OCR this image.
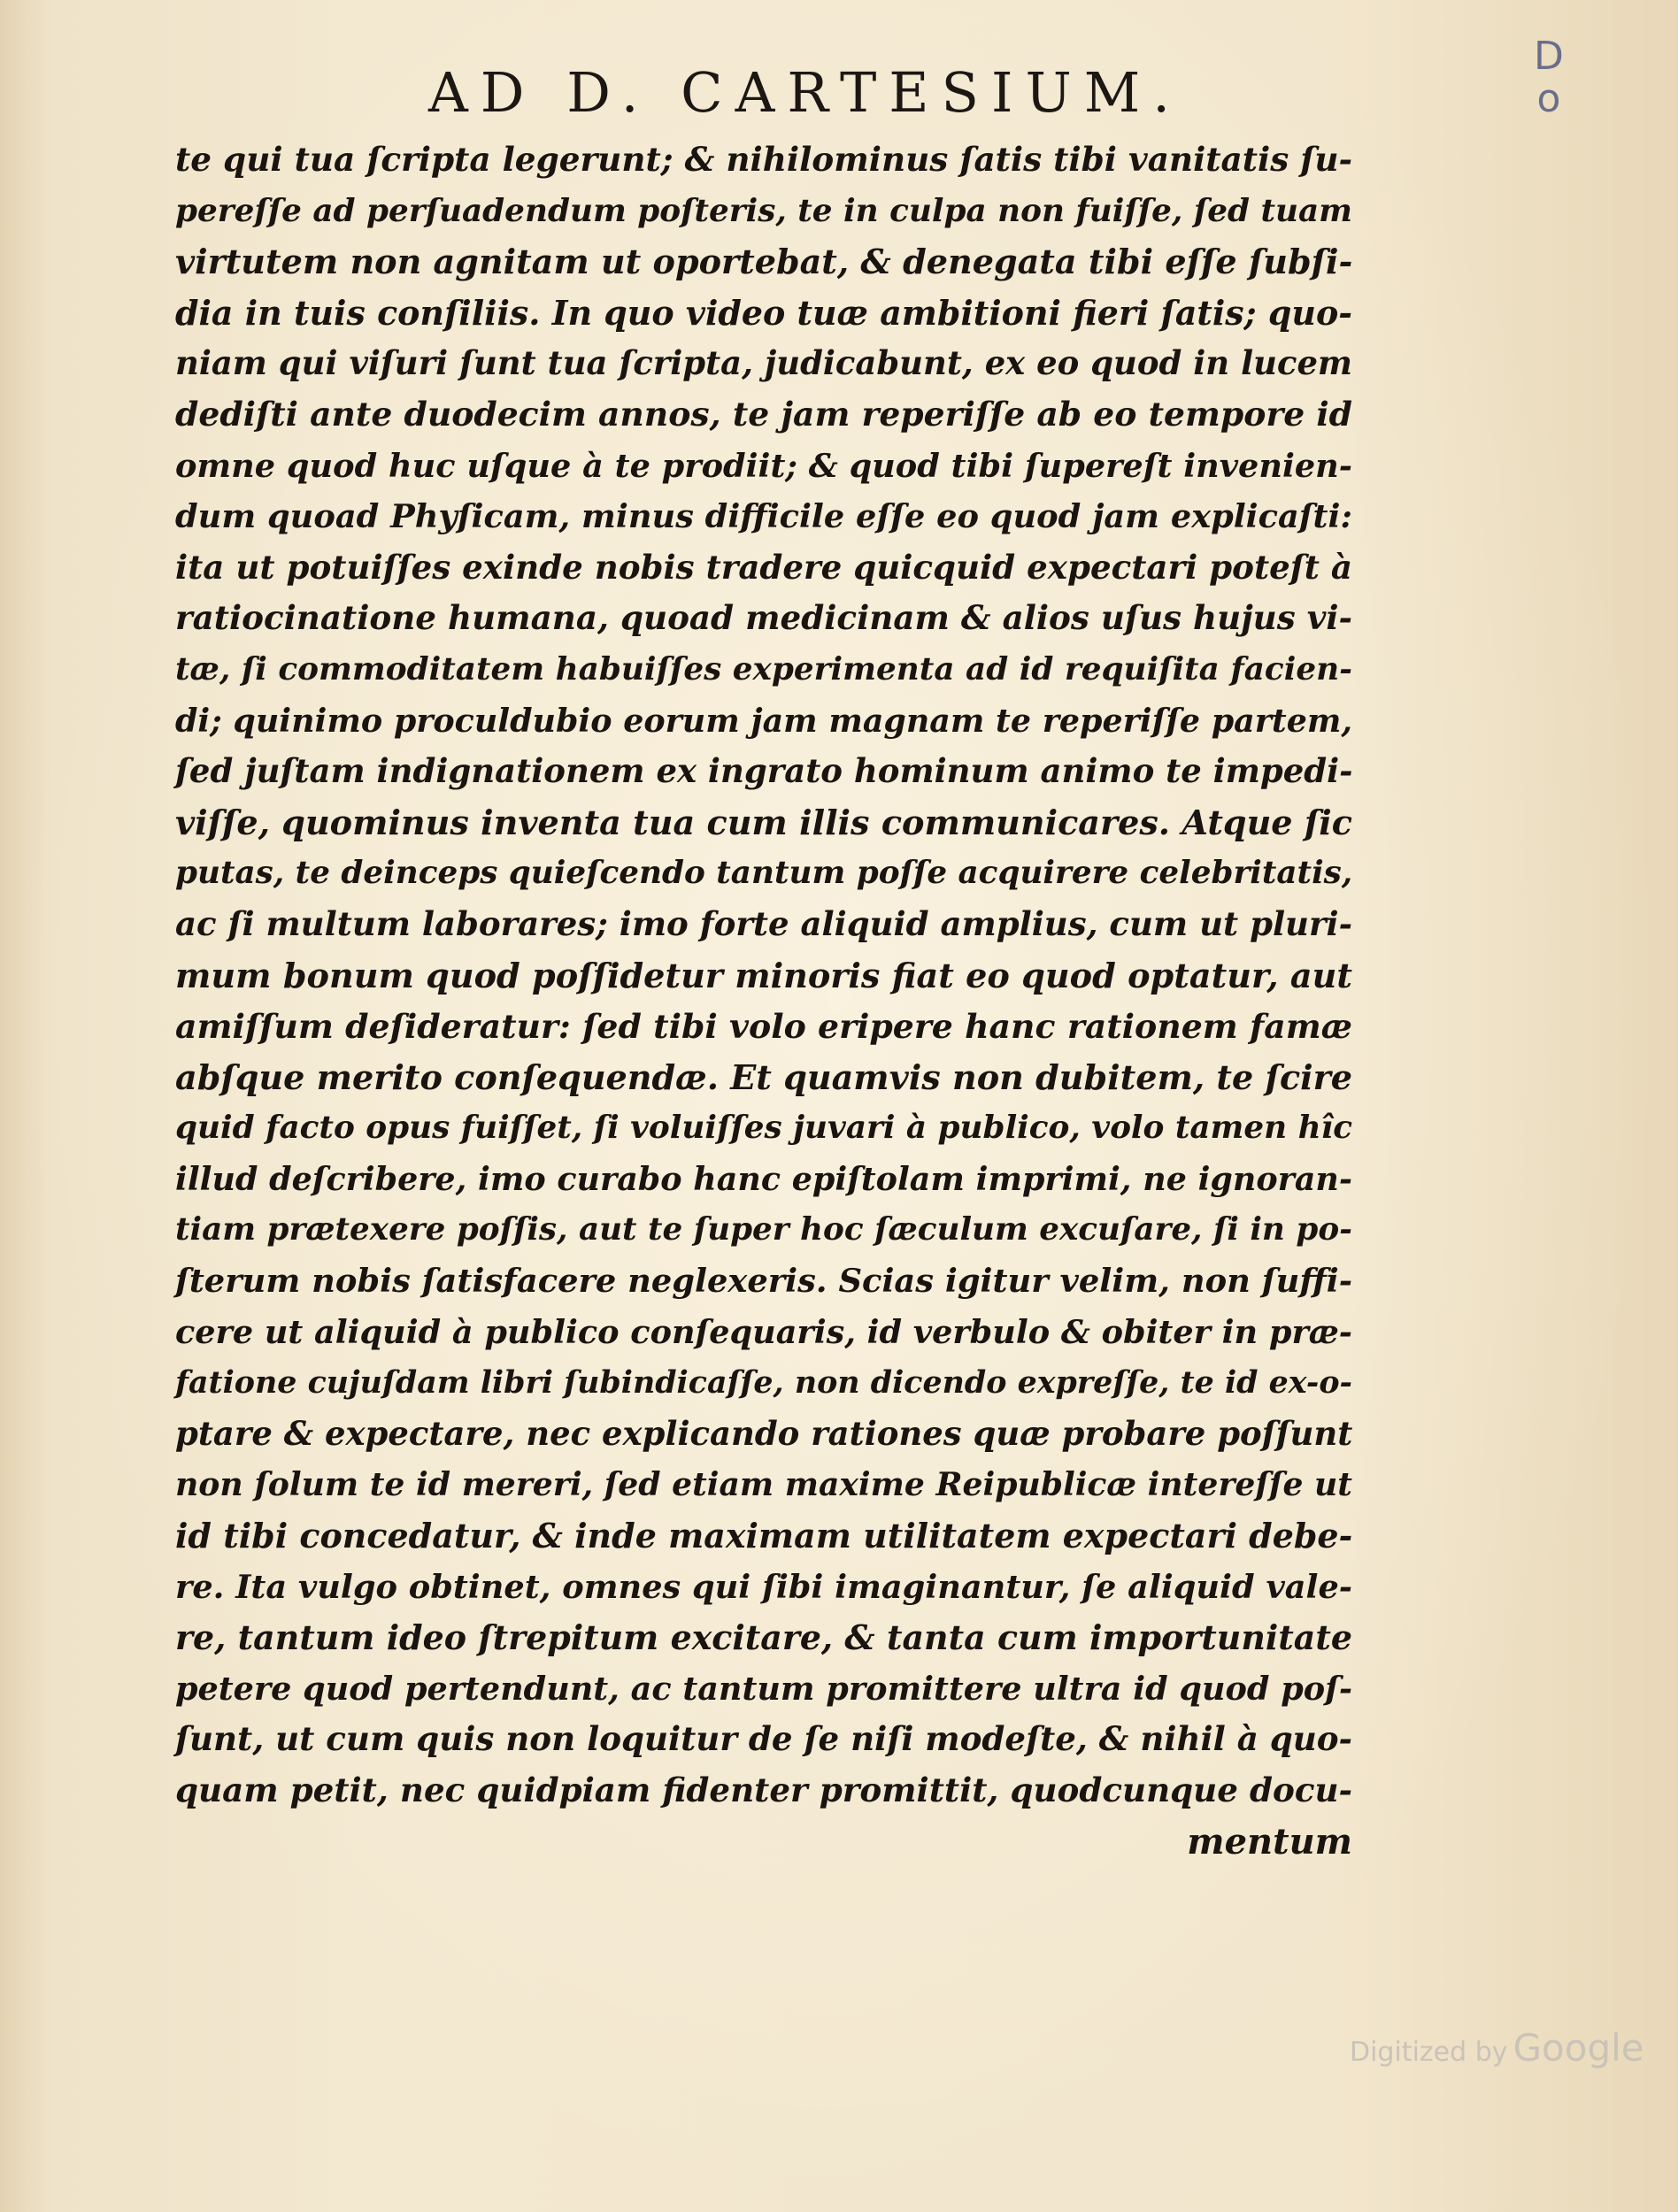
D
o
AD D. CARTESIUM.
te qui tua ſcripta legerunt; & nihilominus ſatis tibi vanitatis ſu-
pereſſe ad perſuadendum poſteris, te in culpa non fuiſſe, ſed tuam
virtutem non agnitam ut oportebat, & denegata tibi eſſe ſubſi-
dia in tuis conſiliis. In quo video tuæ ambitioni fieri ſatis; quo-
niam qui viſuri ſunt tua ſcripta, judicabunt, ex eo quod in lucem
dediſti ante duodecim annos, te jam reperiſſe ab eo tempore id
omne quod huc uſque à te prodiit; & quod tibi ſupereſt invenien-
dum quoad Phyſicam, minus difficile eſſe eo quod jam explicaſti:
ita ut potuiſſes exinde nobis tradere quicquid expectari poteſt à
ratiocinatione humana, quoad medicinam & alios uſus hujus vi-
tæ, ſi commoditatem habuiſſes experimenta ad id requiſita facien-
di; quinimo proculdubio eorum jam magnam te reperiſſe partem,
ſed juſtam indignationem ex ingrato hominum animo te impedi-
viſſe, quominus inventa tua cum illis communicares. Atque ſic
putas, te deinceps quieſcendo tantum poſſe acquirere celebritatis,
ac ſi multum laborares; imo forte aliquid amplius, cum ut pluri-
mum bonum quod poſſidetur minoris fiat eo quod optatur, aut
amiſſum deſideratur: ſed tibi volo eripere hanc rationem famæ
abſque merito conſequendæ. Et quamvis non dubitem, te ſcire
quid facto opus fuiſſet, ſi voluiſſes juvari à publico, volo tamen hîc
illud deſcribere, imo curabo hanc epiſtolam imprimi, ne ignoran-
tiam prætexere poſſis, aut te ſuper hoc ſæculum excuſare, ſi in po-
ſterum nobis ſatisfacere neglexeris. Scias igitur velim, non ſuffi-
cere ut aliquid à publico conſequaris, id verbulo & obiter in præ-
fatione cujuſdam libri ſubindicaſſe, non dicendo expreſſe, te id ex-o-
ptare & expectare, nec explicando rationes quæ probare poſſunt
non ſolum te id mereri, ſed etiam maxime Reipublicæ intereſſe ut
id tibi concedatur, & inde maximam utilitatem expectari debe-
re. Ita vulgo obtinet, omnes qui ſibi imaginantur, ſe aliquid vale-
re, tantum ideo ſtrepitum excitare, & tanta cum importunitate
petere quod pertendunt, ac tantum promittere ultra id quod poſ-
ſunt, ut cum quis non loquitur de ſe niſi modeſte, & nihil à quo-
quam petit, nec quidpiam fidenter promittit, quodcunque docu-
mentum
Digitized by Google
